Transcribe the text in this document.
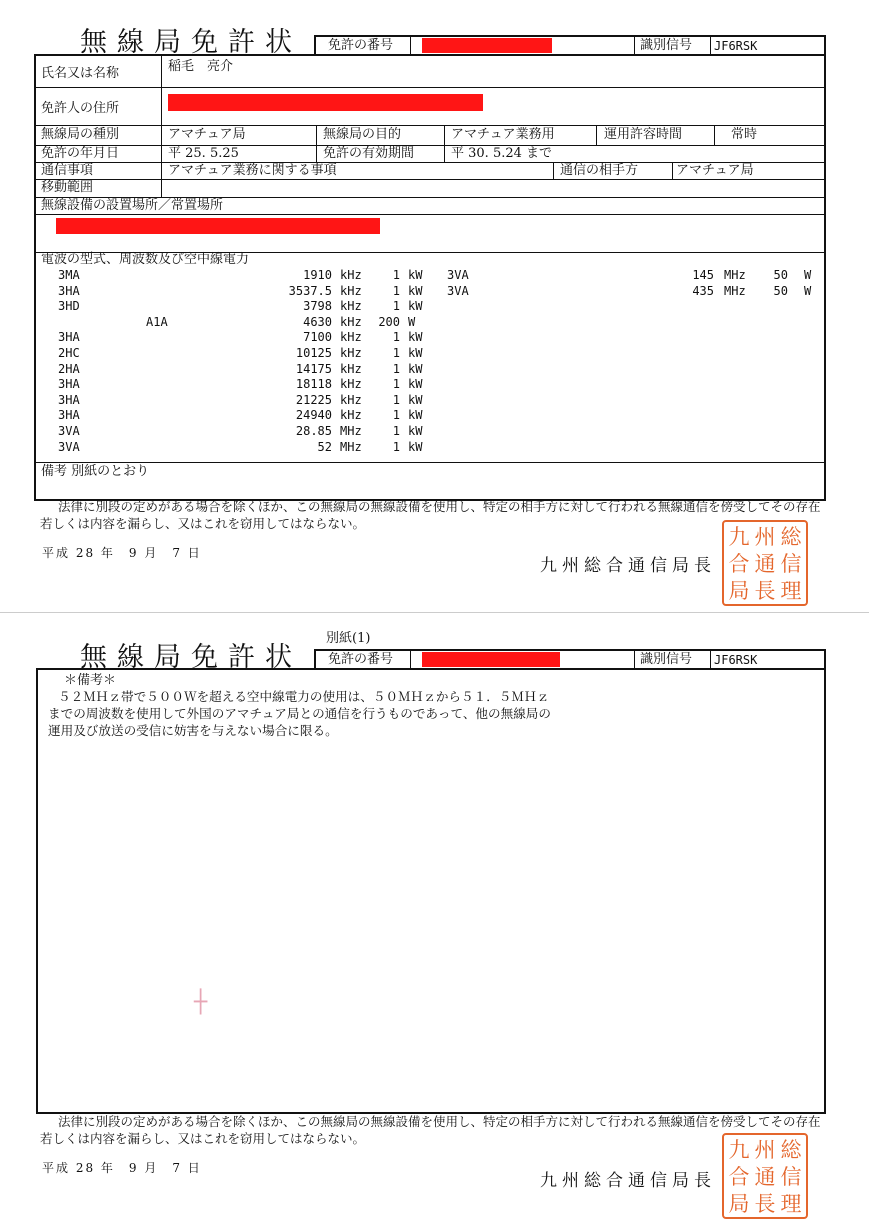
無線局免許状 免許の番号	識別信号 JF6RSK
氏名又は名称	稲毛　亮介
免許人の住所
無線局の種別	アマチュア局	無線局の目的	アマチュア業務用	運用許容時間	常時
免許の年月日	平 25. 5.25	免許の有効期間	平 30. 5.24 まで
通信事項	アマチュア業務に関する事項	通信の相手方	アマチュア局
移動範囲
無線設備の設置場所／常置場所
電波の型式、周波数及び空中線電力
3MA	1910 kHz	1 kW
3HA	3537.5 kHz	1 kW
3HD	3798 kHz	1 kW
A1A	4630 kHz 200 W
3HA	7100 kHz	1 kW
2HC	10125 kHz	1 kW
2HA	14175 kHz	1 kW
3HA	18118 kHz	1 kW
3HA	21225 kHz	1 kW
3HA	24940 kHz	1 kW
3VA	28.85 MHz	1 kW
3VA	52 MHz	1 kW
3VA	145 MHz 50 W
3VA	435 MHz 50 W
備考 別紙のとおり
法律に別段の定めがある場合を除くほか、この無線局の無線設備を使用し、特定の相手方に対して行われる無線通信を傍受してその存在若しくは内容を漏らし、又はこれを窃用してはならない。
平成 28 年　9 月　7 日
九州総合通信局長
九 州 総合 通 信局 長 理
無線局免許状
別紙(1)
免許の番号	識別信号 JF6RSK
＊備考＊
５２ＭＨｚ帯で５００Ｗを超える空中線電力の使用は、５０ＭＨｚから５１．５ＭＨｚ
までの周波数を使用して外国のアマチュア局との通信を行うものであって、他の無線局の
運用及び放送の受信に妨害を与えない場合に限る。
┼
法律に別段の定めがある場合を除くほか、この無線局の無線設備を使用し、特定の相手方に対して行われる無線通信を傍受してその存在若しくは内容を漏らし、又はこれを窃用してはならない。
平成 28 年　9 月　7 日
九州総合通信局長
九 州 総合 通 信局 長 理
